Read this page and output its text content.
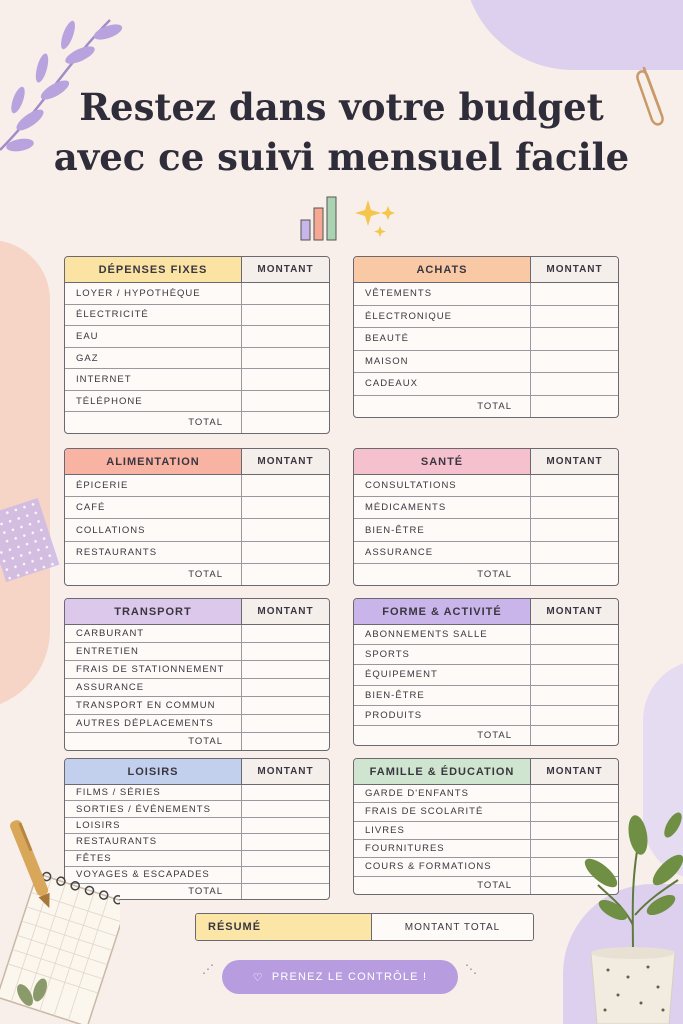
Restez dans votre budget
avec ce suivi mensuel facile
DÉPENSES FIXES	MONTANT
LOYER / HYPOTHÈQUE
ÉLECTRICITÉ
EAU
GAZ
INTERNET
TÉLÉPHONE
TOTAL
ACHATS	MONTANT
VÊTEMENTS
ÉLECTRONIQUE
BEAUTÉ
MAISON
CADEAUX
TOTAL
ALIMENTATION	MONTANT
ÉPICERIE
CAFÉ
COLLATIONS
RESTAURANTS
TOTAL
SANTÉ	MONTANT
CONSULTATIONS
MÉDICAMENTS
BIEN-ÊTRE
ASSURANCE
TOTAL
TRANSPORT	MONTANT
CARBURANT
ENTRETIEN
FRAIS DE STATIONNEMENT
ASSURANCE
TRANSPORT EN COMMUN
AUTRES DÉPLACEMENTS
TOTAL
FORME & ACTIVITÉ	MONTANT
ABONNEMENTS SALLE
SPORTS
ÉQUIPEMENT
BIEN-ÊTRE
PRODUITS
TOTAL
LOISIRS	MONTANT
FILMS / SÉRIES
SORTIES / ÉVÉNEMENTS
LOISIRS
RESTAURANTS
FÊTES
VOYAGES & ESCAPADES
TOTAL
FAMILLE & ÉDUCATION	MONTANT
GARDE D'ENFANTS
FRAIS DE SCOLARITÉ
LIVRES
FOURNITURES
COURS & FORMATIONS
TOTAL
RÉSUMÉ	MONTANT TOTAL
⋰	⋱
♡ PRENEZ LE CONTRÔLE !
